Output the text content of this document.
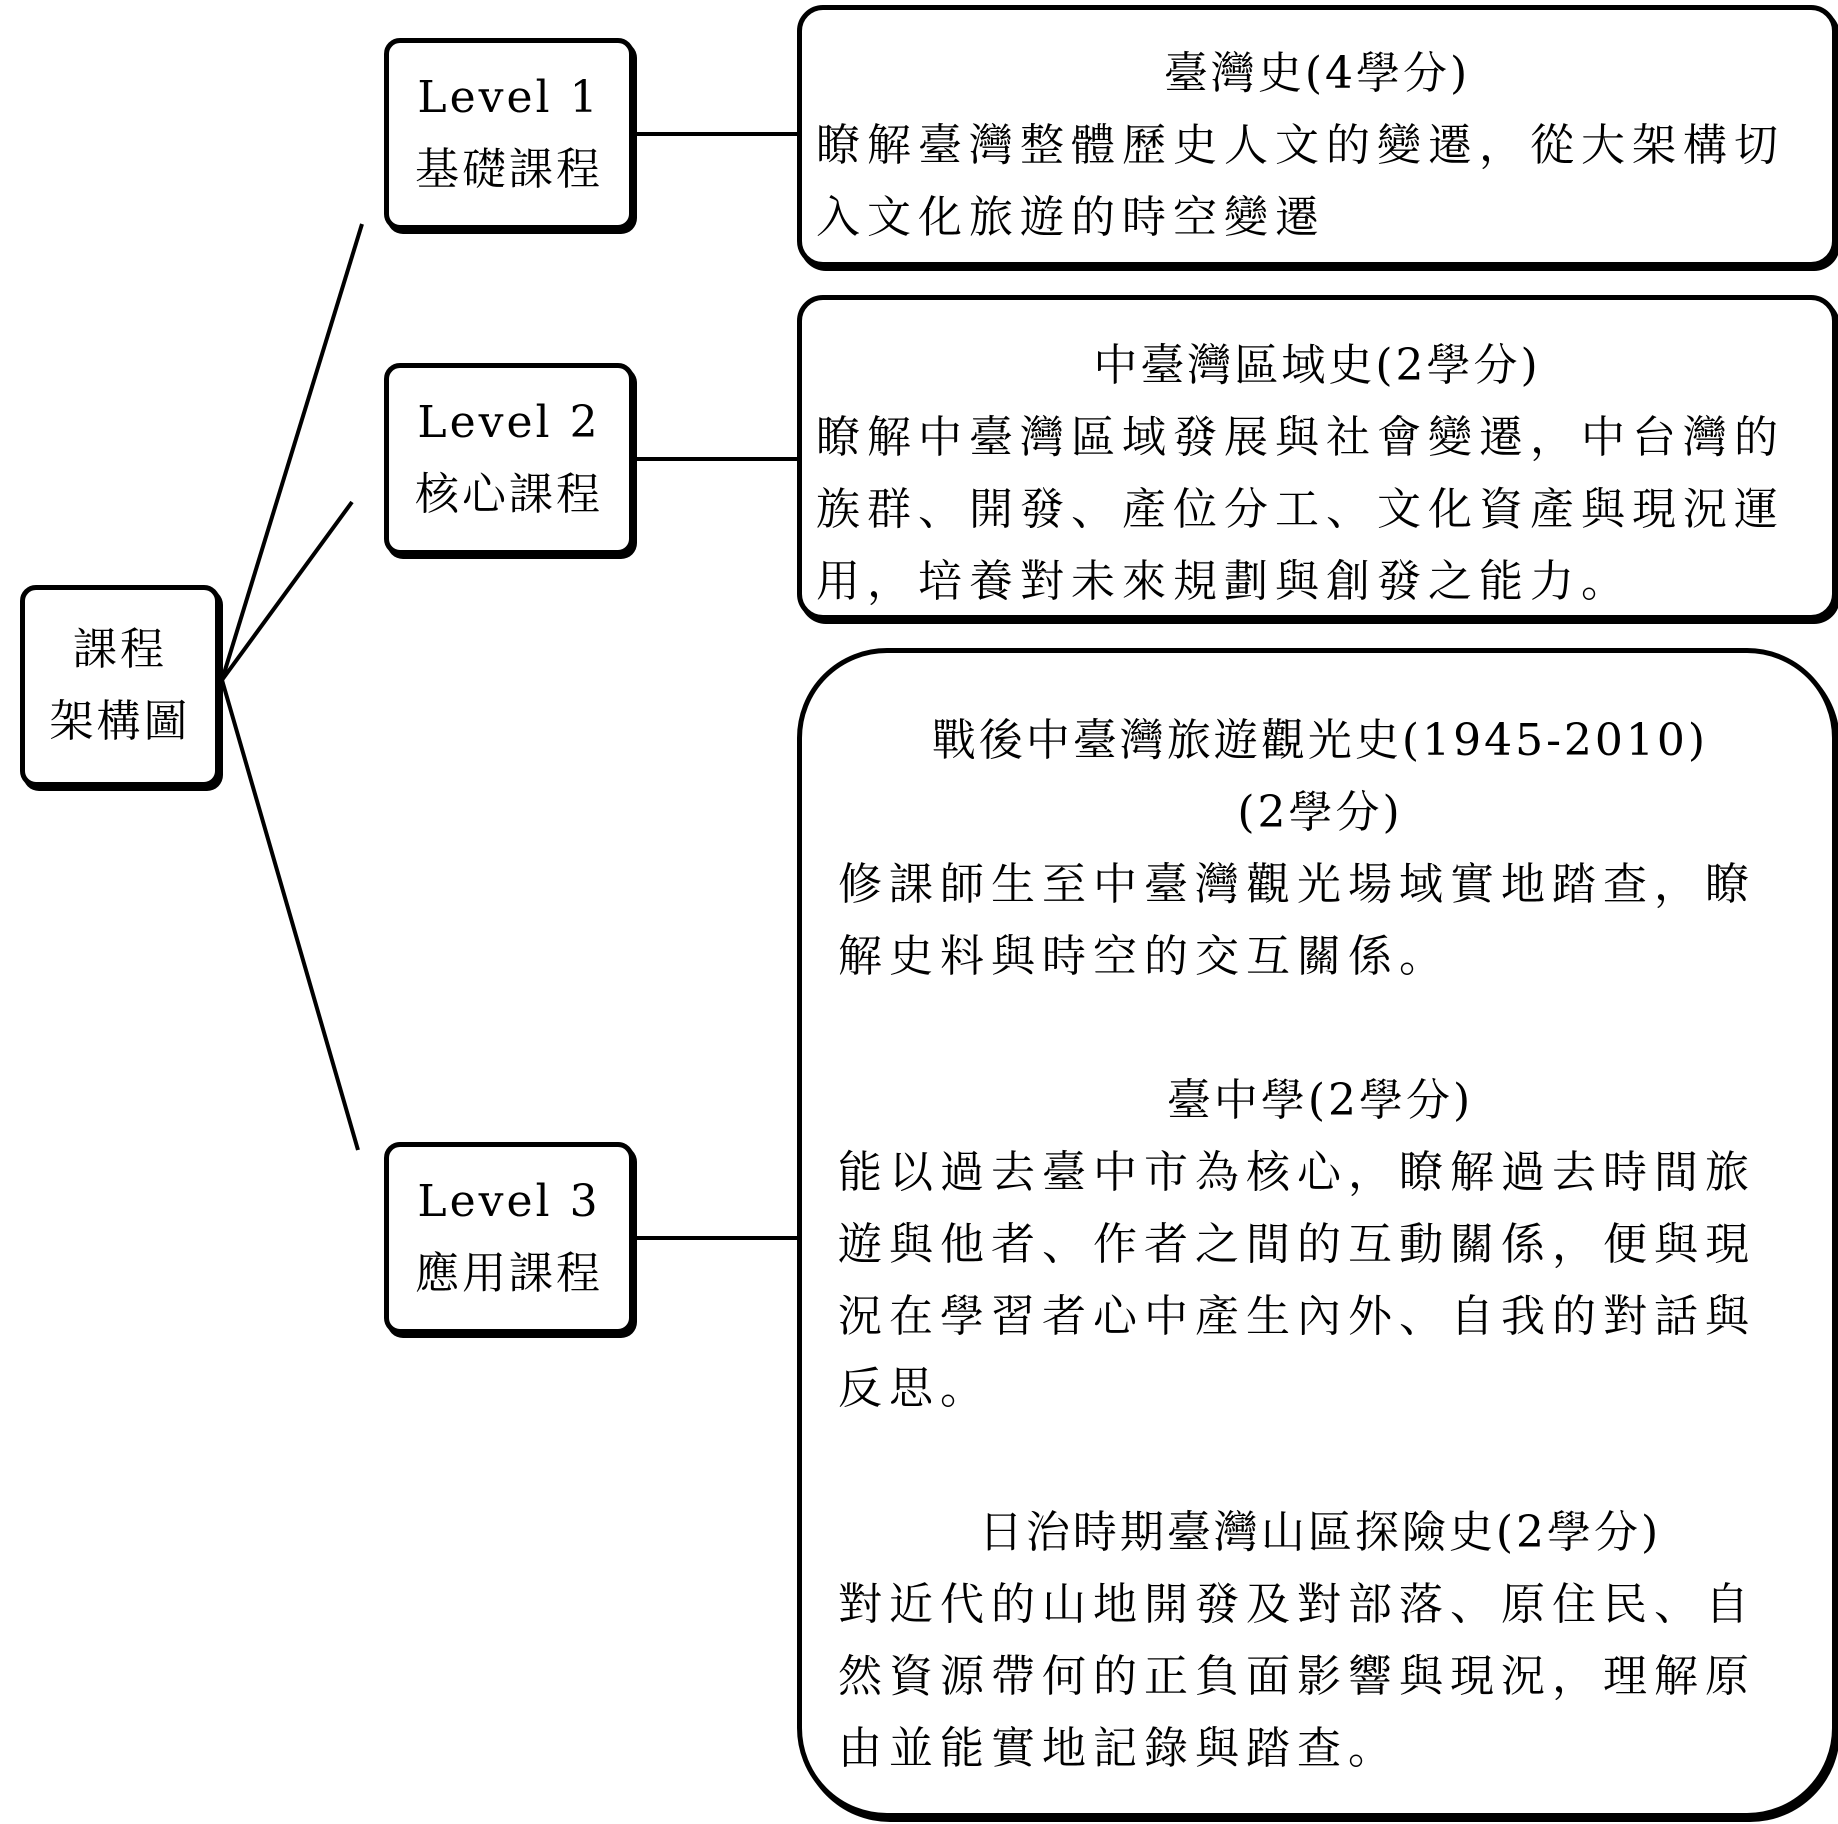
課程
架構圖
Level 1
基礎課程
Level 2
核心課程
Level 3
應用課程
臺灣史(4學分)
瞭解臺灣整體歷史人文的變遷，從大架構切入文化旅遊的時空變遷
中臺灣區域史(2學分)
瞭解中臺灣區域發展與社會變遷，中台灣的族群、開發、產位分工、文化資產與現況運用，培養對未來規劃與創發之能力。
戰後中臺灣旅遊觀光史(1945-2010)
(2學分)
修課師生至中臺灣觀光場域實地踏查，瞭解史料與時空的交互關係。
臺中學(2學分)
能以過去臺中市為核心，瞭解過去時間旅遊與他者、作者之間的互動關係，便與現況在學習者心中產生內外、自我的對話與反思。
日治時期臺灣山區探險史(2學分)
對近代的山地開發及對部落、原住民、自然資源帶何的正負面影響與現況，理解原由並能實地記錄與踏查。
